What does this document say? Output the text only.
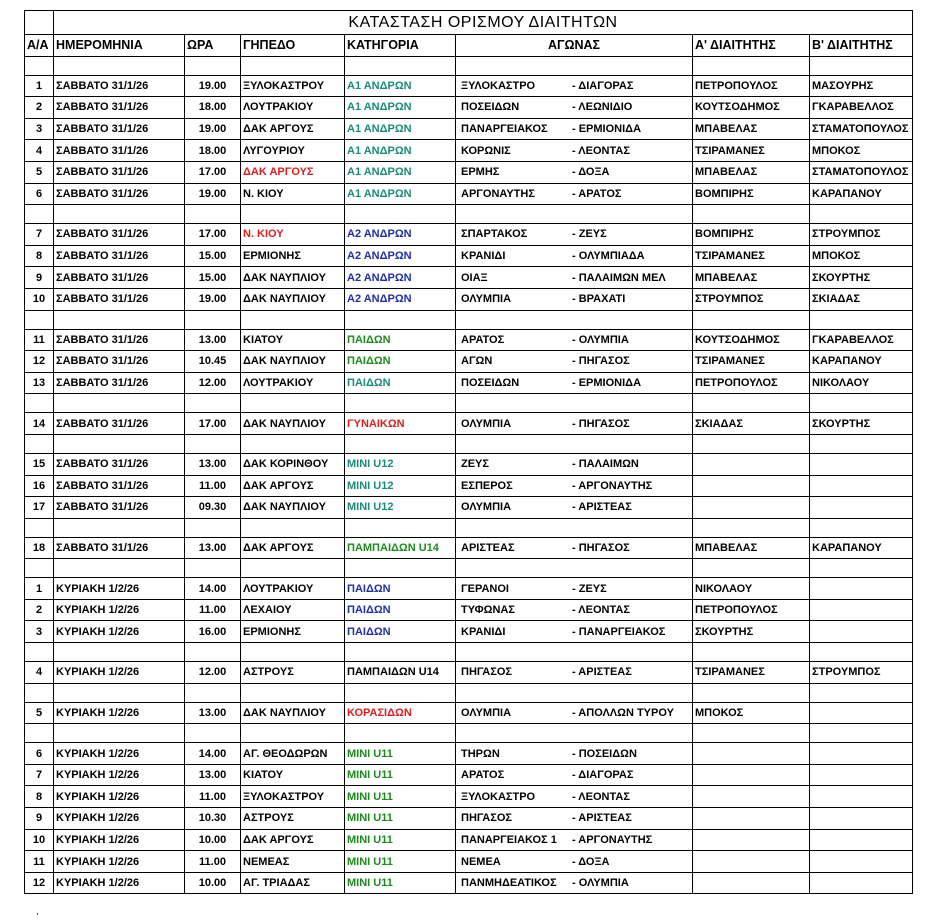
	ΚΑΤΑΣΤΑΣΗ ΟΡΙΣΜΟΥ ΔΙΑΙΤΗΤΩΝ						
Α/Α	ΗΜΕΡΟΜΗΝΙΑ	ΩΡΑ	ΓΗΠΕΔΟ	ΚΑΤΗΓΟΡΙΑ	ΑΓΩΝΑΣ	Α' ΔΙΑΙΤΗΤΗΣ	Β' ΔΙΑΙΤΗΤΗΣ

1	ΣΑΒΒΑΤΟ 31/1/26	19.00	ΞΥΛΟΚΑΣΤΡΟΥ	Α1 ΑΝΔΡΩΝ	ΞΥΛΟΚΑΣΤΡΟ - ΔΙΑΓΟΡΑΣ	ΠΕΤΡΟΠΟΥΛΟΣ	ΜΑΣΟΥΡΗΣ
2	ΣΑΒΒΑΤΟ 31/1/26	18.00	ΛΟΥΤΡΑΚΙΟΥ	Α1 ΑΝΔΡΩΝ	ΠΟΣΕΙΔΩΝ - ΛΕΩΝΙΔΙΟ	ΚΟΥΤΣΟΔΗΜΟΣ	ΓΚΑΡΑΒΕΛΛΟΣ
3	ΣΑΒΒΑΤΟ 31/1/26	19.00	ΔΑΚ ΑΡΓΟΥΣ	Α1 ΑΝΔΡΩΝ	ΠΑΝΑΡΓΕΙΑΚΟΣ - ΕΡΜΙΟΝΙΔΑ	ΜΠΑΒΕΛΑΣ	ΣΤΑΜΑΤΟΠΟΥΛΟΣ
4	ΣΑΒΒΑΤΟ 31/1/26	18.00	ΛΥΓΟΥΡΙΟΥ	Α1 ΑΝΔΡΩΝ	ΚΟΡΩΝΙΣ - ΛΕΟΝΤΑΣ	ΤΣΙΡΑΜΑΝΕΣ	ΜΠΟΚΟΣ
5	ΣΑΒΒΑΤΟ 31/1/26	17.00	ΔΑΚ ΑΡΓΟΥΣ	Α1 ΑΝΔΡΩΝ	ΕΡΜΗΣ - ΔΟΞΑ	ΜΠΑΒΕΛΑΣ	ΣΤΑΜΑΤΟΠΟΥΛΟΣ
6	ΣΑΒΒΑΤΟ 31/1/26	19.00	Ν. ΚΙΟΥ	Α1 ΑΝΔΡΩΝ	ΑΡΓΟΝΑΥΤΗΣ - ΑΡΑΤΟΣ	ΒΟΜΠΙΡΗΣ	ΚΑΡΑΠΑΝΟΥ

7	ΣΑΒΒΑΤΟ 31/1/26	17.00	Ν. ΚΙΟΥ	Α2 ΑΝΔΡΩΝ	ΣΠΑΡΤΑΚΟΣ - ΖΕΥΣ	ΒΟΜΠΙΡΗΣ	ΣΤΡΟΥΜΠΟΣ
8	ΣΑΒΒΑΤΟ 31/1/26	15.00	ΕΡΜΙΟΝΗΣ	Α2 ΑΝΔΡΩΝ	ΚΡΑΝΙΔΙ - ΟΛΥΜΠΙΑΔΑ	ΤΣΙΡΑΜΑΝΕΣ	ΜΠΟΚΟΣ
9	ΣΑΒΒΑΤΟ 31/1/26	15.00	ΔΑΚ ΝΑΥΠΛΙΟΥ	Α2 ΑΝΔΡΩΝ	ΟΙΑΞ - ΠΑΛΑΙΜΩΝ ΜΕΛ	ΜΠΑΒΕΛΑΣ	ΣΚΟΥΡΤΗΣ
10	ΣΑΒΒΑΤΟ 31/1/26	19.00	ΔΑΚ ΝΑΥΠΛΙΟΥ	Α2 ΑΝΔΡΩΝ	ΟΛΥΜΠΙΑ - ΒΡΑΧΑΤΙ	ΣΤΡΟΥΜΠΟΣ	ΣΚΙΑΔΑΣ

11	ΣΑΒΒΑΤΟ 31/1/26	13.00	ΚΙΑΤΟΥ	ΠΑΙΔΩΝ	ΑΡΑΤΟΣ - ΟΛΥΜΠΙΑ	ΚΟΥΤΣΟΔΗΜΟΣ	ΓΚΑΡΑΒΕΛΛΟΣ
12	ΣΑΒΒΑΤΟ 31/1/26	10.45	ΔΑΚ ΝΑΥΠΛΙΟΥ	ΠΑΙΔΩΝ	ΑΓΩΝ - ΠΗΓΑΣΟΣ	ΤΣΙΡΑΜΑΝΕΣ	ΚΑΡΑΠΑΝΟΥ
13	ΣΑΒΒΑΤΟ 31/1/26	12.00	ΛΟΥΤΡΑΚΙΟΥ	ΠΑΙΔΩΝ	ΠΟΣΕΙΔΩΝ - ΕΡΜΙΟΝΙΔΑ	ΠΕΤΡΟΠΟΥΛΟΣ	ΝΙΚΟΛΑΟΥ

14	ΣΑΒΒΑΤΟ 31/1/26	17.00	ΔΑΚ ΝΑΥΠΛΙΟΥ	ΓΥΝΑΙΚΩΝ	ΟΛΥΜΠΙΑ - ΠΗΓΑΣΟΣ	ΣΚΙΑΔΑΣ	ΣΚΟΥΡΤΗΣ

15	ΣΑΒΒΑΤΟ 31/1/26	13.00	ΔΑΚ ΚΟΡΙΝΘΟΥ	MINI U12	ΖΕΥΣ - ΠΑΛΑΙΜΩΝ		
16	ΣΑΒΒΑΤΟ 31/1/26	11.00	ΔΑΚ ΑΡΓΟΥΣ	MINI U12	ΕΣΠΕΡΟΣ - ΑΡΓΟΝΑΥΤΗΣ		
17	ΣΑΒΒΑΤΟ 31/1/26	09.30	ΔΑΚ ΝΑΥΠΛΙΟΥ	MINI U12	ΟΛΥΜΠΙΑ - ΑΡΙΣΤΕΑΣ		

18	ΣΑΒΒΑΤΟ 31/1/26	13.00	ΔΑΚ ΑΡΓΟΥΣ	ΠΑΜΠΑΙΔΩΝ U14	ΑΡΙΣΤΕΑΣ - ΠΗΓΑΣΟΣ	ΜΠΑΒΕΛΑΣ	ΚΑΡΑΠΑΝΟΥ

1	ΚΥΡΙΑΚΗ 1/2/26	14.00	ΛΟΥΤΡΑΚΙΟΥ	ΠΑΙΔΩΝ	ΓΕΡΑΝΟΙ - ΖΕΥΣ	ΝΙΚΟΛΑΟΥ	
2	ΚΥΡΙΑΚΗ 1/2/26	11.00	ΛΕΧΑΙΟΥ	ΠΑΙΔΩΝ	ΤΥΦΩΝΑΣ - ΛΕΟΝΤΑΣ	ΠΕΤΡΟΠΟΥΛΟΣ	
3	ΚΥΡΙΑΚΗ 1/2/26	16.00	ΕΡΜΙΟΝΗΣ	ΠΑΙΔΩΝ	ΚΡΑΝΙΔΙ - ΠΑΝΑΡΓΕΙΑΚΟΣ	ΣΚΟΥΡΤΗΣ	

4	ΚΥΡΙΑΚΗ 1/2/26	12.00	ΑΣΤΡΟΥΣ	ΠΑΜΠΑΙΔΩΝ U14	ΠΗΓΑΣΟΣ - ΑΡΙΣΤΕΑΣ	ΤΣΙΡΑΜΑΝΕΣ	ΣΤΡΟΥΜΠΟΣ

5	ΚΥΡΙΑΚΗ 1/2/26	13.00	ΔΑΚ ΝΑΥΠΛΙΟΥ	ΚΟΡΑΣΙΔΩΝ	ΟΛΥΜΠΙΑ - ΑΠΟΛΛΩΝ ΤΥΡΟΥ	ΜΠΟΚΟΣ	

6	ΚΥΡΙΑΚΗ 1/2/26	14.00	ΑΓ. ΘΕΟΔΩΡΩΝ	MINI U11	ΤΗΡΩΝ - ΠΟΣΕΙΔΩΝ		
7	ΚΥΡΙΑΚΗ 1/2/26	13.00	ΚΙΑΤΟΥ	MINI U11	ΑΡΑΤΟΣ - ΔΙΑΓΟΡΑΣ		
8	ΚΥΡΙΑΚΗ 1/2/26	11.00	ΞΥΛΟΚΑΣΤΡΟΥ	MINI U11	ΞΥΛΟΚΑΣΤΡΟ - ΛΕΟΝΤΑΣ		
9	ΚΥΡΙΑΚΗ 1/2/26	10.30	ΑΣΤΡΟΥΣ	MINI U11	ΠΗΓΑΣΟΣ - ΑΡΙΣΤΕΑΣ		
10	ΚΥΡΙΑΚΗ 1/2/26	10.00	ΔΑΚ ΑΡΓΟΥΣ	MINI U11	ΠΑΝΑΡΓΕΙΑΚΟΣ 1 - ΑΡΓΟΝΑΥΤΗΣ		
11	ΚΥΡΙΑΚΗ 1/2/26	11.00	ΝΕΜΕΑΣ	MINI U11	ΝΕΜΕΑ - ΔΟΞΑ		
12	ΚΥΡΙΑΚΗ 1/2/26	10.00	ΑΓ. ΤΡΙΑΔΑΣ	MINI U11	ΠΑΝΜΗΔΕΑΤΙΚΟΣ - ΟΛΥΜΠΙΑ		
,
